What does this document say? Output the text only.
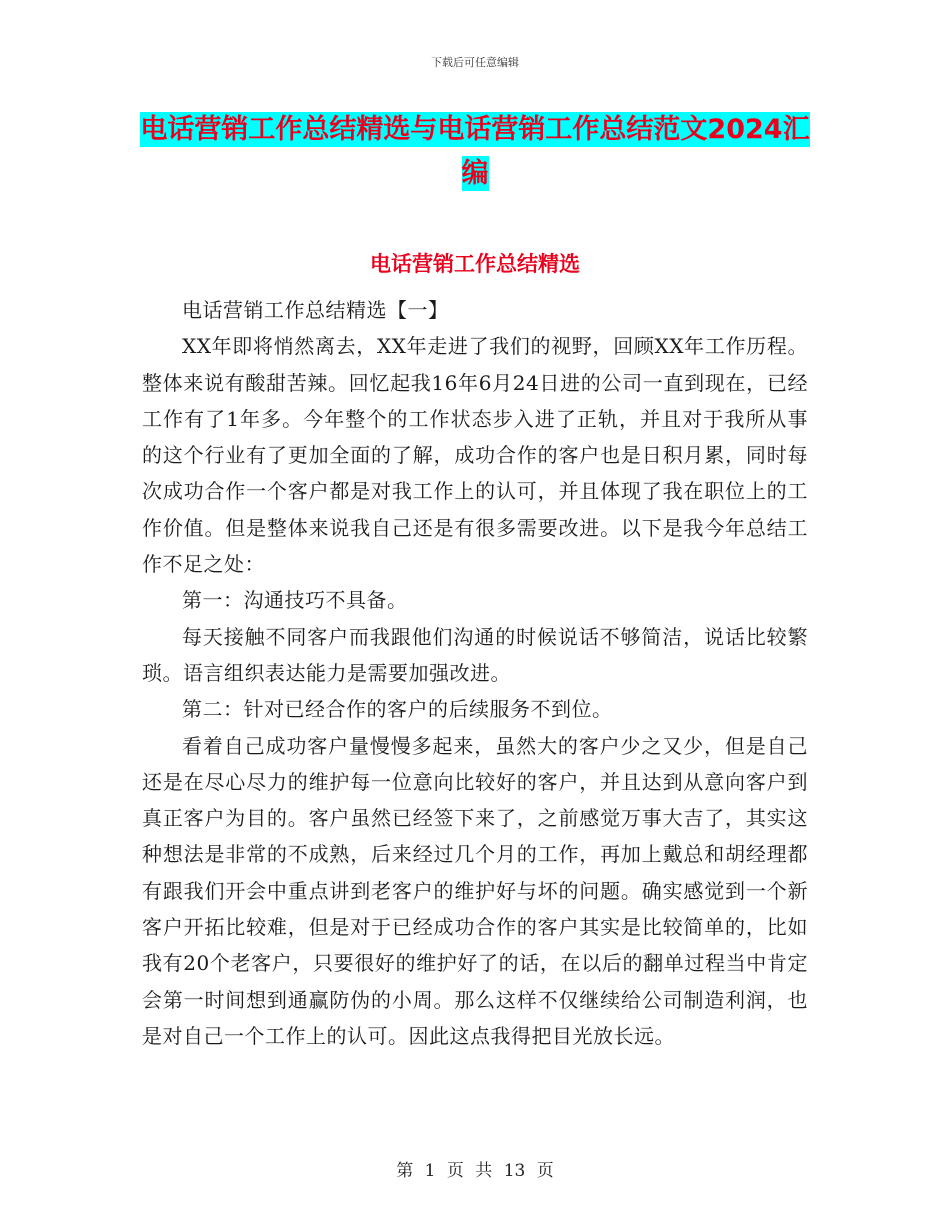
下载后可任意编辑
电话营销工作总结精选与电话营销工作总结范文2024汇编
电话营销工作总结精选

电话营销工作总结精选【一】

XX年即将悄然离去，XX年走进了我们的视野，回顾XX年工作历程。整体来说有酸甜苦辣。回忆起我16年6月24日进的公司一直到现在，已经工作有了1年多。今年整个的工作状态步入进了正轨，并且对于我所从事的这个行业有了更加全面的了解，成功合作的客户也是日积月累，同时每次成功合作一个客户都是对我工作上的认可，并且体现了我在职位上的工作价值。但是整体来说我自己还是有很多需要改进。以下是我今年总结工作不足之处：

第一：沟通技巧不具备。

每天接触不同客户而我跟他们沟通的时候说话不够简洁，说话比较繁琐。语言组织表达能力是需要加强改进。

第二：针对已经合作的客户的后续服务不到位。

看着自己成功客户量慢慢多起来，虽然大的客户少之又少，但是自己还是在尽心尽力的维护每一位意向比较好的客户，并且达到从意向客户到真正客户为目的。客户虽然已经签下来了，之前感觉万事大吉了，其实这种想法是非常的不成熟，后来经过几个月的工作，再加上戴总和胡经理都有跟我们开会中重点讲到老客户的维护好与坏的问题。确实感觉到一个新客户开拓比较难，但是对于已经成功合作的客户其实是比较简单的，比如我有20个老客户，只要很好的维护好了的话，在以后的翻单过程当中肯定会第一时间想到通赢防伪的小周。那么这样不仅继续给公司制造利润，也是对自己一个工作上的认可。因此这点我得把目光放长远。

第 1 页 共 13 页
